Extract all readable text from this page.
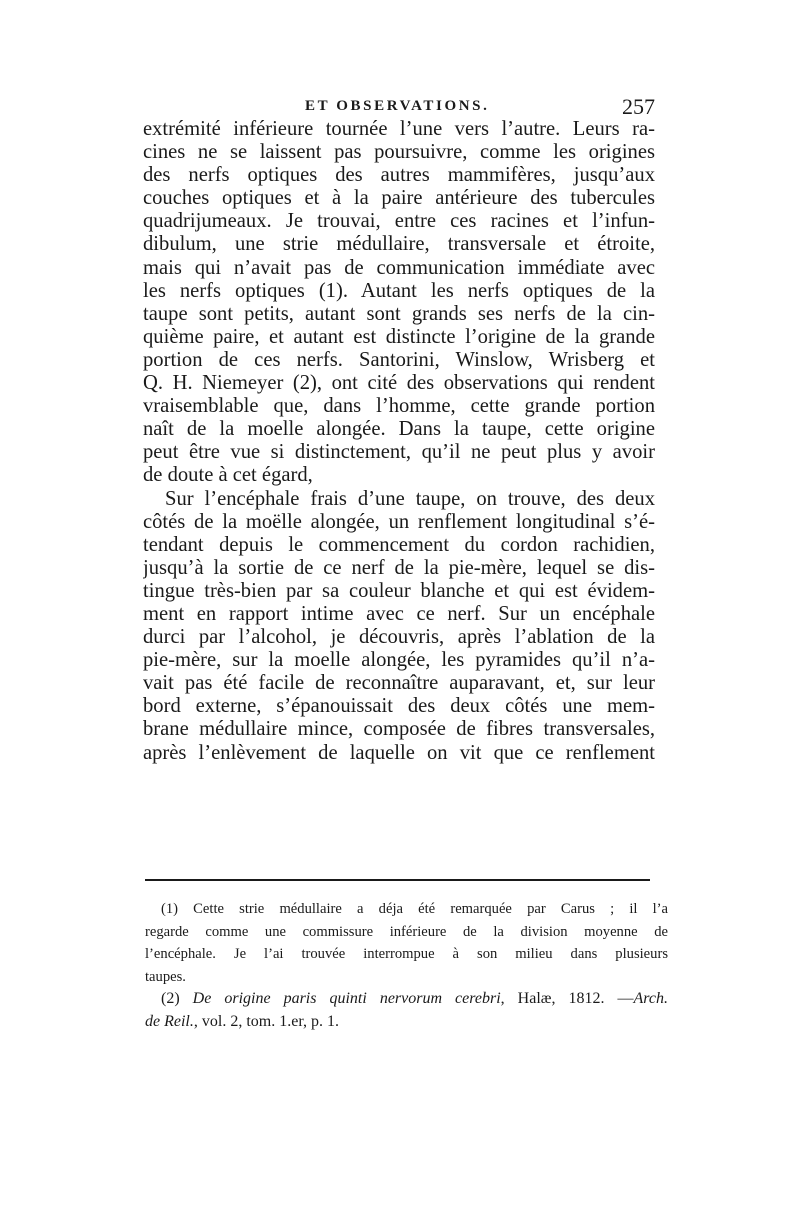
ET OBSERVATIONS.	257
extrémité inférieure tournée l’une vers l’autre. Leurs ra-
cines ne se laissent pas poursuivre, comme les origines
des nerfs optiques des autres mammifères, jusqu’aux
couches optiques et à la paire antérieure des tubercules
quadrijumeaux. Je trouvai, entre ces racines et l’infun-
dibulum, une strie médullaire, transversale et étroite,
mais qui n’avait pas de communication immédiate avec
les nerfs optiques (1). Autant les nerfs optiques de la
taupe sont petits, autant sont grands ses nerfs de la cin-
quième paire, et autant est distincte l’origine de la grande
portion de ces nerfs. Santorini, Winslow, Wrisberg et
Q. H. Niemeyer (2), ont cité des observations qui rendent
vraisemblable que, dans l’homme, cette grande portion
naît de la moelle alongée. Dans la taupe, cette origine
peut être vue si distinctement, qu’il ne peut plus y avoir
de doute à cet égard,
Sur l’encéphale frais d’une taupe, on trouve, des deux
côtés de la moëlle alongée, un renflement longitudinal s’é-
tendant depuis le commencement du cordon rachidien,
jusqu’à la sortie de ce nerf de la pie-mère, lequel se dis-
tingue très-bien par sa couleur blanche et qui est évidem-
ment en rapport intime avec ce nerf. Sur un encéphale
durci par l’alcohol, je découvris, après l’ablation de la
pie-mère, sur la moelle alongée, les pyramides qu’il n’a-
vait pas été facile de reconnaître auparavant, et, sur leur
bord externe, s’épanouissait des deux côtés une mem-
brane médullaire mince, composée de fibres transversales,
après l’enlèvement de laquelle on vit que ce renflement
(1) Cette strie médullaire a déja été remarquée par Carus ; il l’a
regarde comme une commissure inférieure de la division moyenne de
l’encéphale. Je l’ai trouvée interrompue à son milieu dans plusieurs
taupes.
(2) De origine paris quinti nervorum cerebri, Halæ, 1812. —Arch.
de Reil., vol. 2, tom. 1.er, p. 1.
